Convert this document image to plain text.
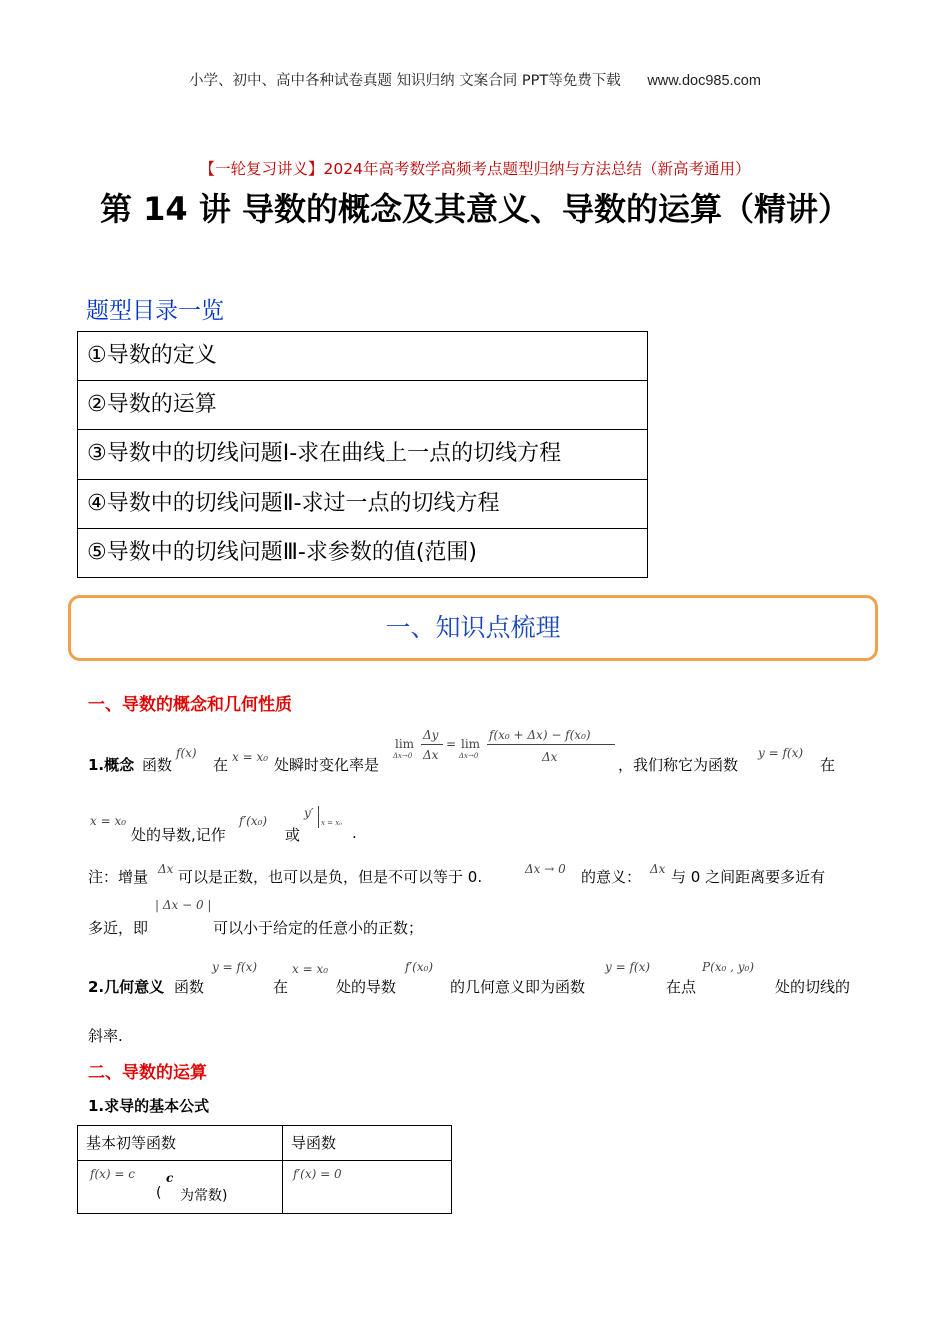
小学、初中、高中各种试卷真题 知识归纳 文案合同 PPT等免费下载 www.doc985.com
【一轮复习讲义】2024年高考数学高频考点题型归纳与方法总结（新高考通用）
第 14 讲 导数的概念及其意义、导数的运算（精讲）
题型目录一览
①导数的定义
②导数的运算
③导数中的切线问题Ⅰ-求在曲线上一点的切线方程
④导数中的切线问题Ⅱ-求过一点的切线方程
⑤导数中的切线问题Ⅲ-求参数的值(范围)
一、知识点梳理
一、导数的概念和几何性质
1.概念 函数
f(x)
在 x = x₀ 处瞬时变化率是
lim
Δx→0
Δy
Δx
= lim
Δx→0
f(x₀ + Δx) − f(x₀)
Δx	，我们称它为函数
y = f(x)
在
x = x₀
处的导数,记作
f′(x₀)
或
y′
x = x₀
.
注：增量 Δx 可以是正数，也可以是负，但是不可以等于 0.	Δx → 0 的意义： Δx 与 0 之间距离要多近有
多近，即
| Δx − 0 |
可以小于给定的任意小的正数；
2.几何意义 函数
y = f(x)
在
x = x₀
处的导数
f′(x₀)
的几何意义即为函数
y = f(x)
在点
P(x₀ , y₀)
处的切线的
斜率.
二、导数的运算
1.求导的基本公式
基本初等函数	导函数

f(x) = c c
( 为常数)	f′(x) = 0
